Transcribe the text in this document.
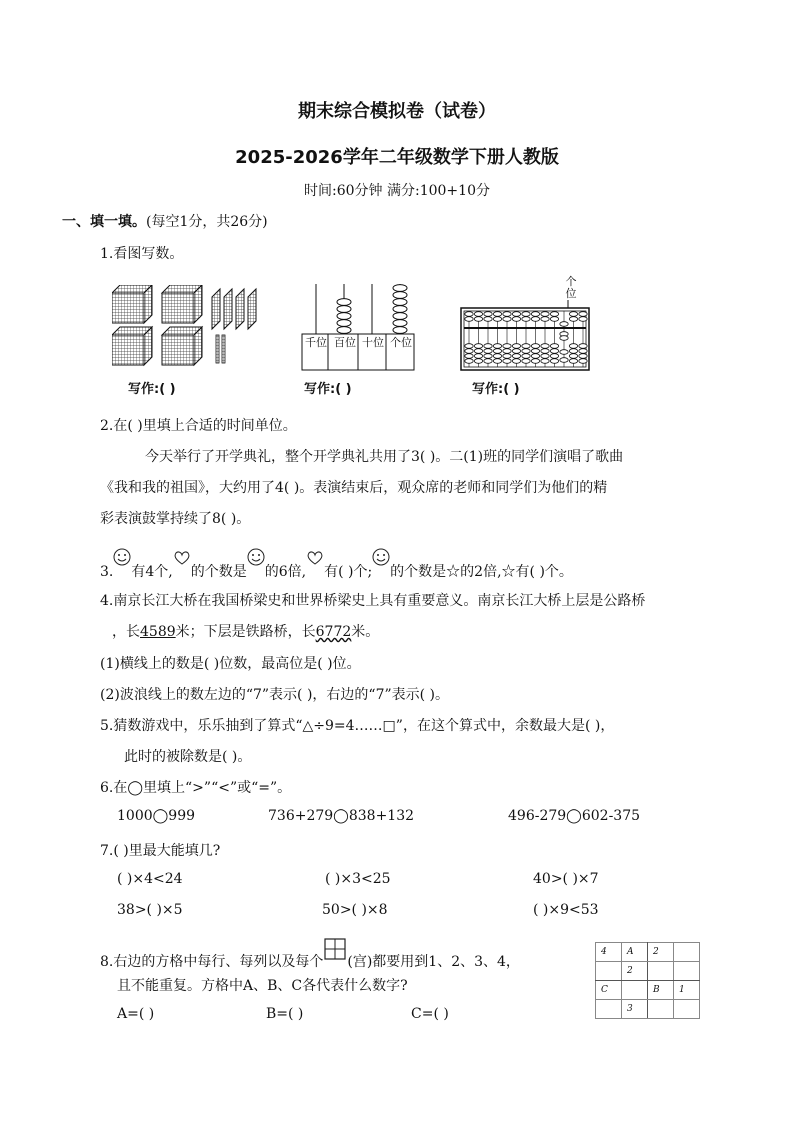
期末综合模拟卷（试卷）
2025-2026学年二年级数学下册人教版
时间:60分钟 满分:100+10分
一、填一填。(每空1分，共26分)
1.看图写数。
千位 百位 十位 个位
个位
写作:( )	写作:( )	写作:( )
2.在( )里填上合适的时间单位。
今天举行了开学典礼，整个开学典礼共用了3( )。二(1)班的同学们演唱了歌曲
《我和我的祖国》，大约用了4( )。表演结束后，观众席的老师和同学们为他们的精
彩表演鼓掌持续了8( )。
3. 有4个, 的个数是 的6倍, 有( )个; 的个数是☆的2倍,☆有( )个。
4.南京长江大桥在我国桥梁史和世界桥梁史上具有重要意义。南京长江大桥上层是公路桥
，长4589米；下层是铁路桥，长6772米。
(1)横线上的数是( )位数，最高位是( )位。
(2)波浪线上的数左边的“7”表示( )，右边的“7”表示( )。
5.猜数游戏中，乐乐抽到了算式“△÷9=4……□”，在这个算式中，余数最大是( )，
此时的被除数是( )。
6.在◯里填上“>”“<”或“=”。
1000◯999	736+279◯838+132	496-279◯602-375
7.( )里最大能填几?
( )×4<24	( )×3<25	40>( )×7
38>( )×5	50>( )×8	( )×9<53
8.右边的方格中每行、每列以及每个 (宫)都要用到1、2、3、4，
且不能重复。方格中A、B、C各代表什么数字?
A=( )	B=( )	C=( )
4	A	2	
	2		
C		B	1
	3		
